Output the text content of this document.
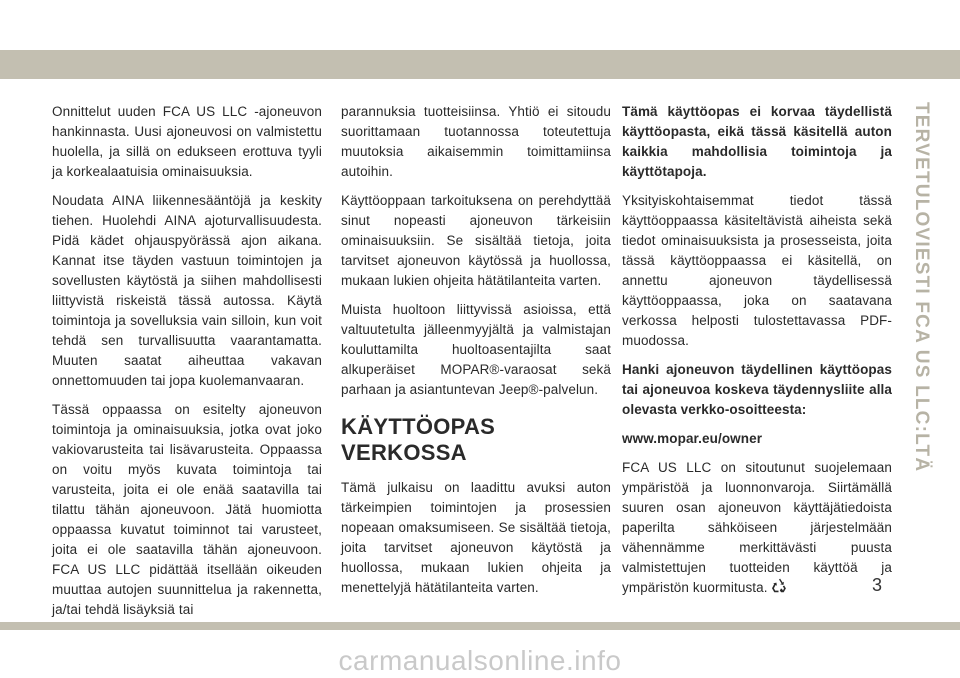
Onnittelut uuden FCA US LLC -ajoneuvon hankinnasta. Uusi ajoneuvosi on valmistettu huolella, ja sillä on edukseen erottuva tyyli ja korkealaatuisia ominaisuuksia.

Noudata AINA liikennesääntöjä ja keskity tiehen. Huolehdi AINA ajoturvallisuudesta. Pidä kädet ohjauspyörässä ajon aikana. Kannat itse täyden vastuun toimintojen ja sovellusten käytöstä ja siihen mahdollisesti liittyvistä riskeistä tässä autossa. Käytä toimintoja ja sovelluksia vain silloin, kun voit tehdä sen turvallisuutta vaarantamatta. Muuten saatat aiheuttaa vakavan onnettomuuden tai jopa kuolemanvaaran.

Tässä oppaassa on esitelty ajoneuvon toimintoja ja ominaisuuksia, jotka ovat joko vakiovarusteita tai lisävarusteita. Oppaassa on voitu myös kuvata toimintoja tai varusteita, joita ei ole enää saatavilla tai tilattu tähän ajoneuvoon. Jätä huomiotta oppaassa kuvatut toiminnot tai varusteet, joita ei ole saatavilla tähän ajoneuvoon. FCA US LLC pidättää itsellään oikeuden muuttaa autojen suunnittelua ja rakennetta, ja/tai tehdä lisäyksiä tai

parannuksia tuotteisiinsa. Yhtiö ei sitoudu suorittamaan tuotannossa toteutettuja muutoksia aikaisemmin toimittamiinsa autoihin.

Käyttöoppaan tarkoituksena on perehdyttää sinut nopeasti ajoneuvon tärkeisiin ominaisuuksiin. Se sisältää tietoja, joita tarvitset ajoneuvon käytössä ja huollossa, mukaan lukien ohjeita hätätilanteita varten.

Muista huoltoon liittyvissä asioissa, että valtuutetulta jälleenmyyjältä ja valmistajan kouluttamilta huoltoasentajilta saat alkuperäiset MOPAR®-varaosat sekä parhaan ja asiantuntevan Jeep®-palvelun.

KÄYTTÖOPAS VERKOSSA

Tämä julkaisu on laadittu avuksi auton tärkeimpien toimintojen ja prosessien nopeaan omaksumiseen. Se sisältää tietoja, joita tarvitset ajoneuvon käytöstä ja huollossa, mukaan lukien ohjeita ja menettelyjä hätätilanteita varten.

Tämä käyttöopas ei korvaa täydellistä käyttöopasta, eikä tässä käsitellä auton kaikkia mahdollisia toimintoja ja käyttötapoja.

Yksityiskohtaisemmat tiedot tässä käyttöoppaassa käsiteltävistä aiheista sekä tiedot ominaisuuksista ja prosesseista, joita tässä käyttöoppaassa ei käsitellä, on annettu ajoneuvon täydellisessä käyttöoppaassa, joka on saatavana verkossa helposti tulostettavassa PDF-muodossa.

Hanki ajoneuvon täydellinen käyttöopas tai ajoneuvoa koskeva täydennysliite alla olevasta verkko-osoitteesta:

www.mopar.eu/owner

FCA US LLC on sitoutunut suojelemaan ympäristöä ja luonnonvaroja. Siirtämällä suuren osan ajoneuvon käyttäjätiedoista paperilta sähköiseen järjestelmään vähennämme merkittävästi puusta valmistettujen tuotteiden käyttöä ja ympäristön kuormitusta.

TERVETULOVIESTI FCA US LLC:LTÄ
3
carmanualsonline.info
